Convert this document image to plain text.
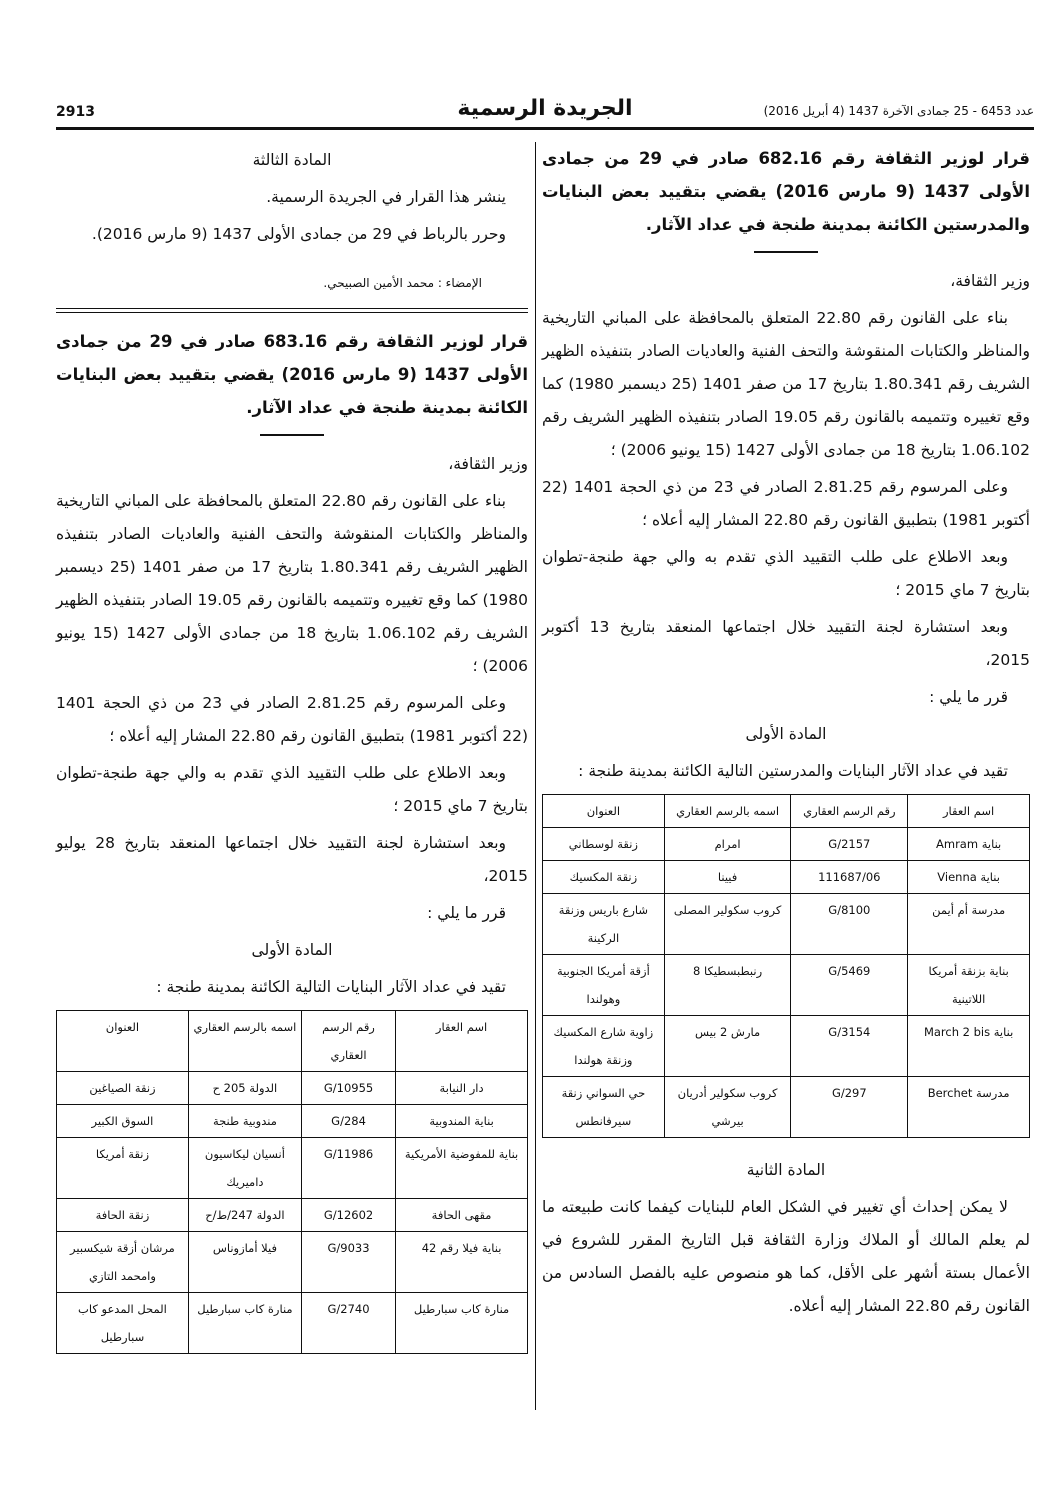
2913	الجريدة الرسمية	عدد 6453 - 25 جمادى الآخرة 1437 (4 أبريل 2016)

قرار لوزير الثقافة رقم 682.16 صادر في 29 من جمادى الأولى 1437 (9 مارس 2016) يقضي بتقييد بعض البنايات والمدرستين الكائنة بمدينة طنجة في عداد الآثار.

وزير الثقافة،

بناء على القانون رقم 22.80 المتعلق بالمحافظة على المباني التاريخية والمناظر والكتابات المنقوشة والتحف الفنية والعاديات الصادر بتنفيذه الظهير الشريف رقم 1.80.341 بتاريخ 17 من صفر 1401 (25 ديسمبر 1980) كما وقع تغييره وتتميمه بالقانون رقم 19.05 الصادر بتنفيذه الظهير الشريف رقم 1.06.102 بتاريخ 18 من جمادى الأولى 1427 (15 يونيو 2006) ؛

وعلى المرسوم رقم 2.81.25 الصادر في 23 من ذي الحجة 1401 (22 أكتوبر 1981) بتطبيق القانون رقم 22.80 المشار إليه أعلاه ؛

وبعد الاطلاع على طلب التقييد الذي تقدم به والي جهة طنجة-تطوان بتاريخ 7 ماي 2015 ؛

وبعد استشارة لجنة التقييد خلال اجتماعها المنعقد بتاريخ 13 أكتوبر 2015،

قرر ما يلي :

المادة الأولى

تقيد في عداد الآثار البنايات والمدرستين التالية الكائنة بمدينة طنجة :

اسم العقار	رقم الرسم العقاري	اسمه بالرسم العقاري	العنوان
بناية Amram	G/2157	امرام	زنقة لوسطاني
بناية Vienna	111687/06	فيينا	زنقة المكسيك
مدرسة أم أيمن	G/8100	كروب سكولير المصلى	شارع باريس وزنقة الركينة
بناية بزنقة أمريكا اللاتينية	G/5469	رنبطبسطيكا 8	أزقة أمريكا الجنوبية وهولندا
بناية March 2 bis	G/3154	مارش 2 بيس	زاوية شارع المكسيك وزنقة هولندا
مدرسة Berchet	G/297	كروب سكولير أدريان بيرشي	حي السواني زنقة سيرفانطس
المادة الثانية

لا يمكن إحداث أي تغيير في الشكل العام للبنايات كيفما كانت طبيعته ما لم يعلم المالك أو الملاك وزارة الثقافة قبل التاريخ المقرر للشروع في الأعمال بستة أشهر على الأقل، كما هو منصوص عليه بالفصل السادس من القانون رقم 22.80 المشار إليه أعلاه.

المادة الثالثة

ينشر هذا القرار في الجريدة الرسمية.

وحرر بالرباط في 29 من جمادى الأولى 1437 (9 مارس 2016).

الإمضاء : محمد الأمين الصبيحي.

قرار لوزير الثقافة رقم 683.16 صادر في 29 من جمادى الأولى 1437 (9 مارس 2016) يقضي بتقييد بعض البنايات الكائنة بمدينة طنجة في عداد الآثار.

وزير الثقافة،

بناء على القانون رقم 22.80 المتعلق بالمحافظة على المباني التاريخية والمناظر والكتابات المنقوشة والتحف الفنية والعاديات الصادر بتنفيذه الظهير الشريف رقم 1.80.341 بتاريخ 17 من صفر 1401 (25 ديسمبر 1980) كما وقع تغييره وتتميمه بالقانون رقم 19.05 الصادر بتنفيذه الظهير الشريف رقم 1.06.102 بتاريخ 18 من جمادى الأولى 1427 (15 يونيو 2006) ؛

وعلى المرسوم رقم 2.81.25 الصادر في 23 من ذي الحجة 1401 (22 أكتوبر 1981) بتطبيق القانون رقم 22.80 المشار إليه أعلاه ؛

وبعد الاطلاع على طلب التقييد الذي تقدم به والي جهة طنجة-تطوان بتاريخ 7 ماي 2015 ؛

وبعد استشارة لجنة التقييد خلال اجتماعها المنعقد بتاريخ 28 يوليو 2015،

قرر ما يلي :

المادة الأولى

تقيد في عداد الآثار البنايات التالية الكائنة بمدينة طنجة :

اسم العقار	رقم الرسم العقاري	اسمه بالرسم العقاري	العنوان
دار النيابة	G/10955	الدولة 205 ح	زنقة الصياغين
بناية المندوبية	G/284	مندوبية طنجة	السوق الكبير
بناية للمفوضية الأمريكية	G/11986	أنسيان ليكاسيون داميريك	زنقة أمريكا
مقهى الحافة	G/12602	الدولة 247/ط/ح	زنقة الحافة
بناية فيلا رقم 42	G/9033	فيلا أمازوناس	مرشان أزقة شيكسبير وامحمد التازي
منارة كاب سبارطيل	G/2740	منارة كاب سبارطيل	المحل المدعو كاب سبارطيل
